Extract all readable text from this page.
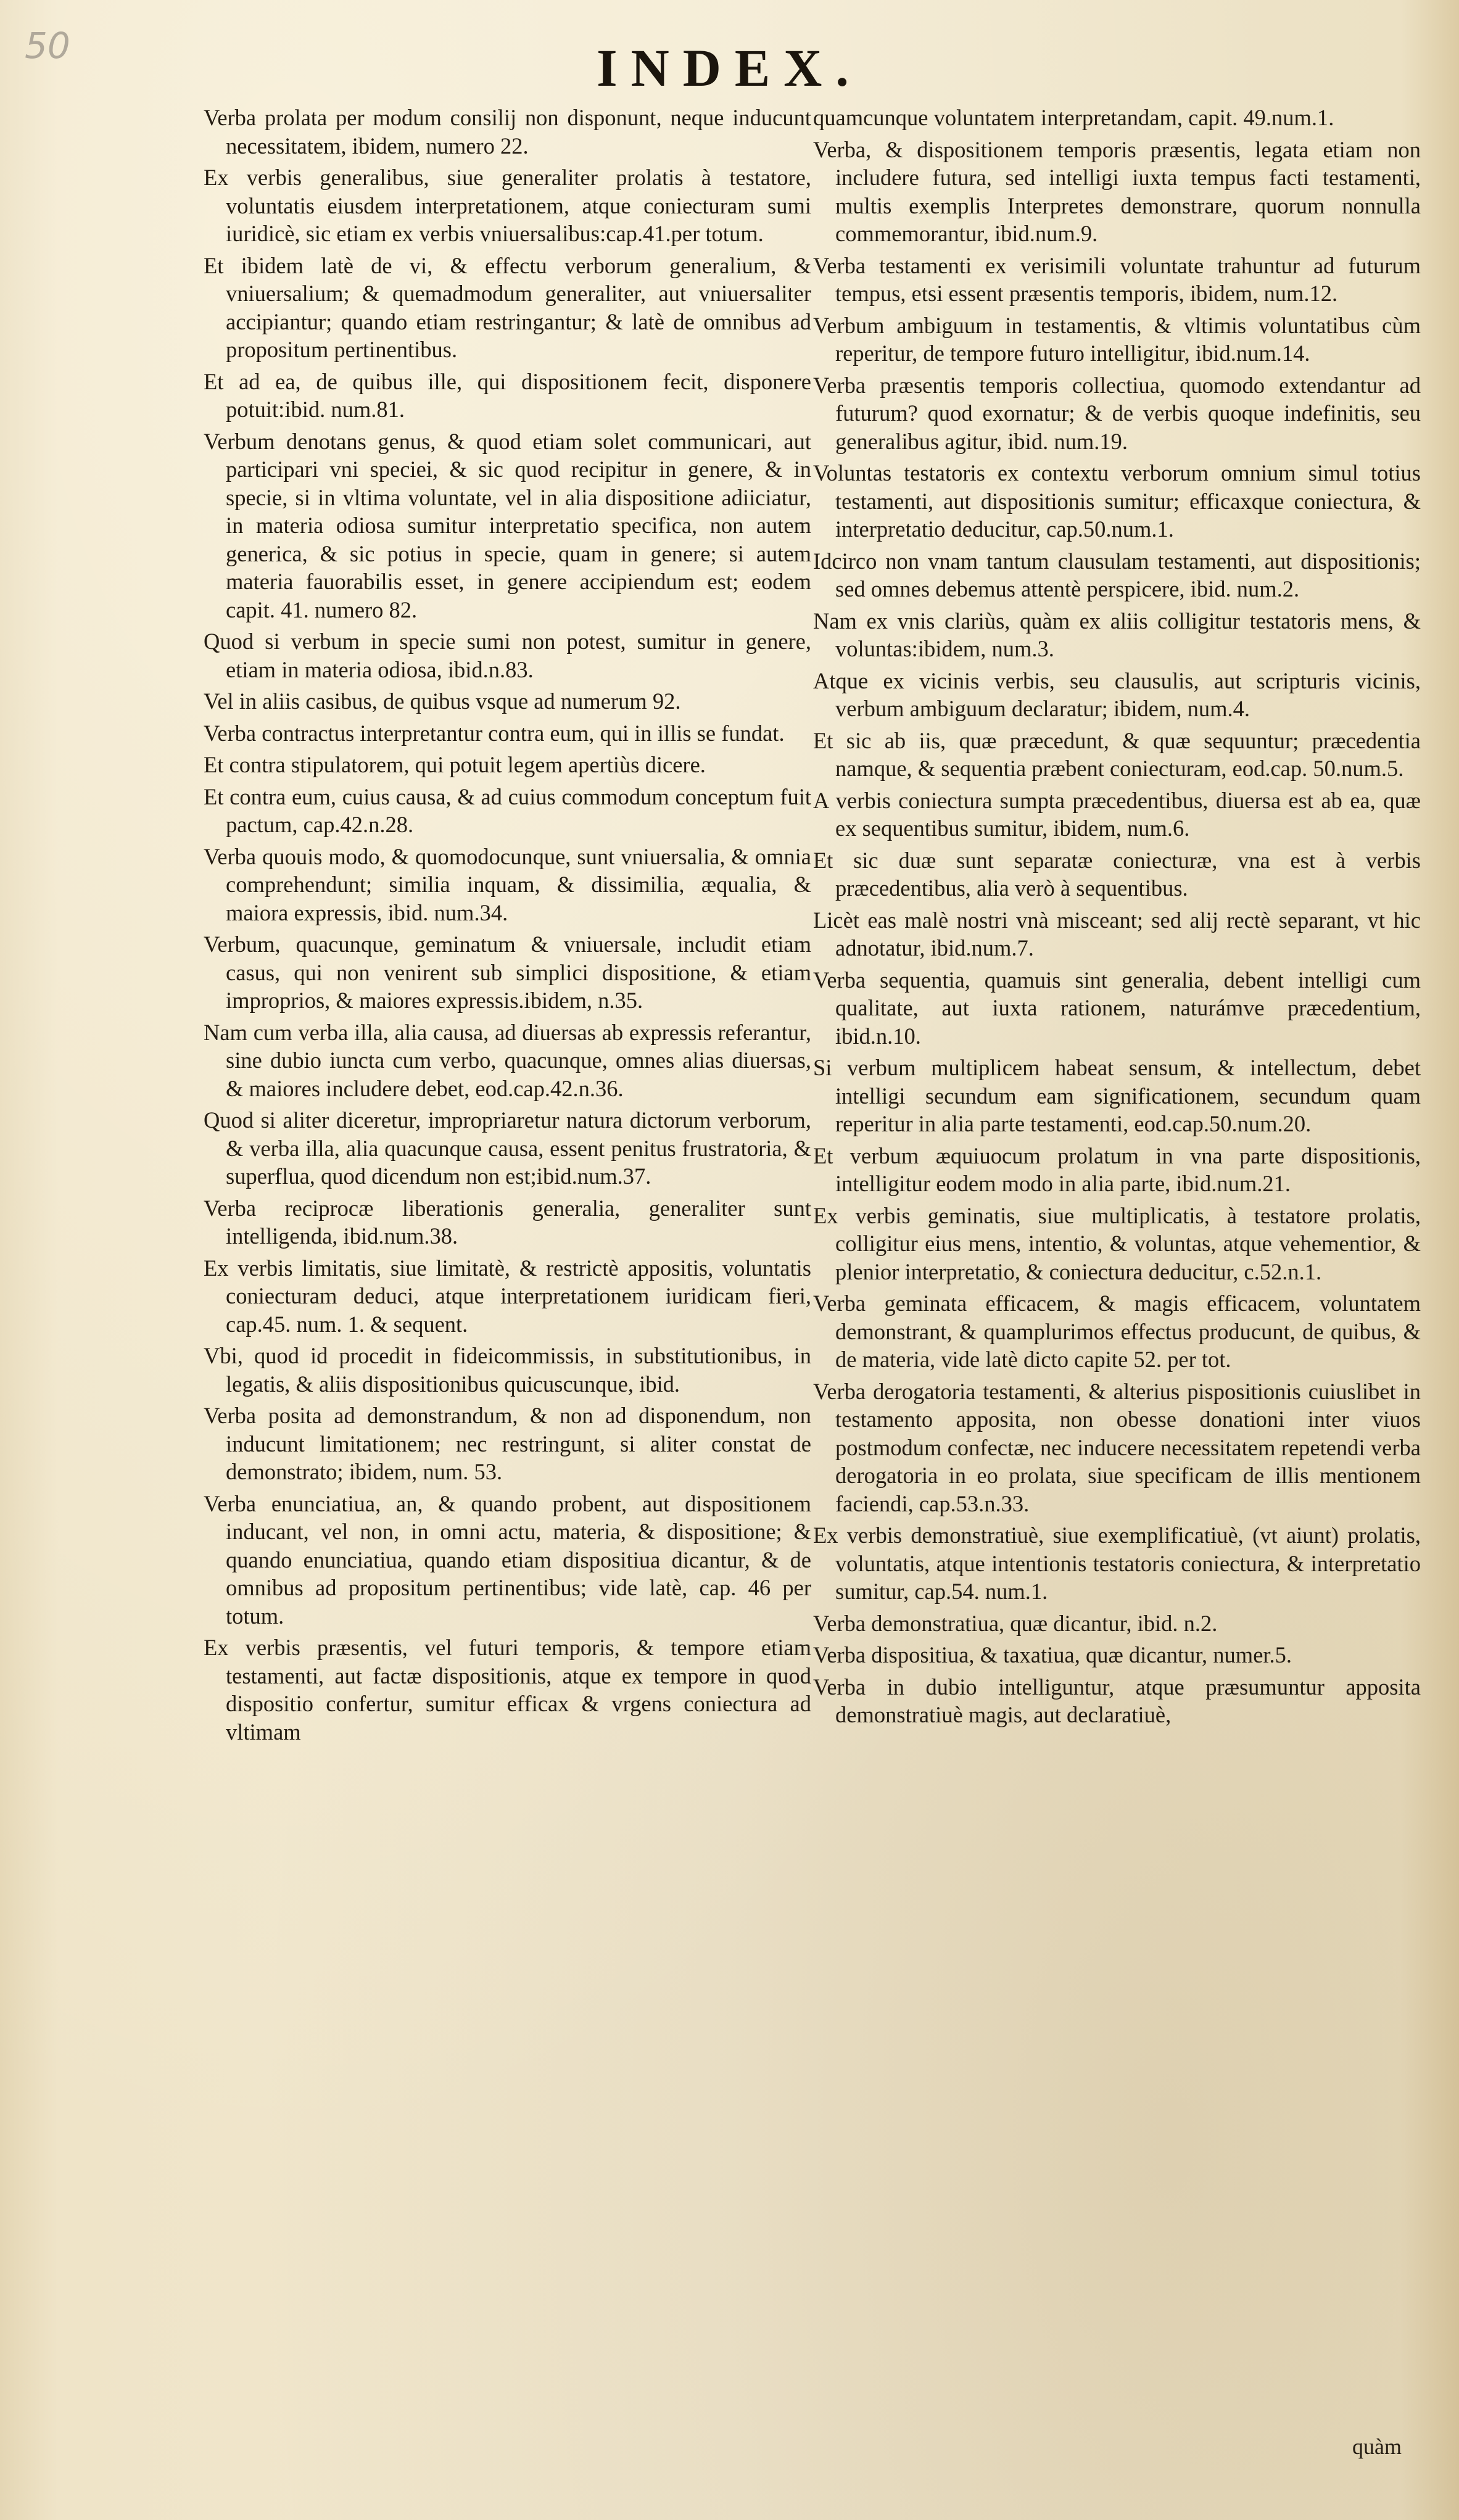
50	INDEX.

Verba prolata per modum consilij non disponunt, neque inducunt necessitatem, ibidem, numero 22.

Ex verbis generalibus, siue generaliter prolatis à testatore, voluntatis eiusdem interpretationem, atque coniecturam sumi iuridicè, sic etiam ex verbis vniuersalibus:cap.41.per totum.

Et ibidem latè de vi, & effectu verborum generalium, & vniuersalium; & quemadmodum generaliter, aut vniuersaliter accipiantur; quando etiam restringantur; & latè de omnibus ad propositum pertinentibus.

Et ad ea, de quibus ille, qui dispositionem fecit, disponere potuit:ibid. num.81.

Verbum denotans genus, & quod etiam solet communicari, aut participari vni speciei, & sic quod recipitur in genere, & in specie, si in vltima voluntate, vel in alia dispositione adiiciatur, in materia odiosa sumitur interpretatio specifica, non autem generica, & sic potius in specie, quam in genere; si autem materia fauorabilis esset, in genere accipiendum est; eodem capit. 41. numero 82.

Quod si verbum in specie sumi non potest, sumitur in genere, etiam in materia odiosa, ibid.n.83.

Vel in aliis casibus, de quibus vsque ad numerum 92.

Verba contractus interpretantur contra eum, qui in illis se fundat.

Et contra stipulatorem, qui potuit legem apertiùs dicere.

Et contra eum, cuius causa, & ad cuius commodum conceptum fuit pactum, cap.42.n.28.

Verba quouis modo, & quomodocunque, sunt vniuersalia, & omnia comprehendunt; similia inquam, & dissimilia, æqualia, & maiora expressis, ibid. num.34.

Verbum, quacunque, geminatum & vniuersale, includit etiam casus, qui non venirent sub simplici dispositione, & etiam improprios, & maiores expressis.ibidem, n.35.

Nam cum verba illa, alia causa, ad diuersas ab expressis referantur, sine dubio iuncta cum verbo, quacunque, omnes alias diuersas, & maiores includere debet, eod.cap.42.n.36.

Quod si aliter diceretur, impropriaretur natura dictorum verborum, & verba illa, alia quacunque causa, essent penitus frustratoria, & superflua, quod dicendum non est;ibid.num.37.

Verba reciprocæ liberationis generalia, generaliter sunt intelligenda, ibid.num.38.

Ex verbis limitatis, siue limitatè, & restrictè appositis, voluntatis coniecturam deduci, atque interpretationem iuridicam fieri, cap.45. num. 1. & sequent.

Vbi, quod id procedit in fideicommissis, in substitutionibus, in legatis, & aliis dispositionibus quicuscunque, ibid.

Verba posita ad demonstrandum, & non ad disponendum, non inducunt limitationem; nec restringunt, si aliter constat de demonstrato; ibidem, num. 53.

Verba enunciatiua, an, & quando probent, aut dispositionem inducant, vel non, in omni actu, materia, & dispositione; & quando enunciatiua, quando etiam dispositiua dicantur, & de omnibus ad propositum pertinentibus; vide latè, cap. 46 per totum.

Ex verbis præsentis, vel futuri temporis, & tempore etiam testamenti, aut factæ dispositionis, atque ex tempore in quod dispositio confertur, sumitur efficax & vrgens coniectura ad vltimam

quamcunque voluntatem interpretandam, capit. 49.num.1.

Verba, & dispositionem temporis præsentis, legata etiam non includere futura, sed intelligi iuxta tempus facti testamenti, multis exemplis Interpretes demonstrare, quorum nonnulla commemorantur, ibid.num.9.

Verba testamenti ex verisimili voluntate trahuntur ad futurum tempus, etsi essent præsentis temporis, ibidem, num.12.

Verbum ambiguum in testamentis, & vltimis voluntatibus cùm reperitur, de tempore futuro intelligitur, ibid.num.14.

Verba præsentis temporis collectiua, quomodo extendantur ad futurum? quod exornatur; & de verbis quoque indefinitis, seu generalibus agitur, ibid. num.19.

Voluntas testatoris ex contextu verborum omnium simul totius testamenti, aut dispositionis sumitur; efficaxque coniectura, & interpretatio deducitur, cap.50.num.1.

Idcirco non vnam tantum clausulam testamenti, aut dispositionis; sed omnes debemus attentè perspicere, ibid. num.2.

Nam ex vnis clariùs, quàm ex aliis colligitur testatoris mens, & voluntas:ibidem, num.3.

Atque ex vicinis verbis, seu clausulis, aut scripturis vicinis, verbum ambiguum declaratur; ibidem, num.4.

Et sic ab iis, quæ præcedunt, & quæ sequuntur; præcedentia namque, & sequentia præbent coniecturam, eod.cap. 50.num.5.

A verbis coniectura sumpta præcedentibus, diuersa est ab ea, quæ ex sequentibus sumitur, ibidem, num.6.

Et sic duæ sunt separatæ coniecturæ, vna est à verbis præcedentibus, alia verò à sequentibus.

Licèt eas malè nostri vnà misceant; sed alij rectè separant, vt hic adnotatur, ibid.num.7.

Verba sequentia, quamuis sint generalia, debent intelligi cum qualitate, aut iuxta rationem, naturámve præcedentium, ibid.n.10.

Si verbum multiplicem habeat sensum, & intellectum, debet intelligi secundum eam significationem, secundum quam reperitur in alia parte testamenti, eod.cap.50.num.20.

Et verbum æquiuocum prolatum in vna parte dispositionis, intelligitur eodem modo in alia parte, ibid.num.21.

Ex verbis geminatis, siue multiplicatis, à testatore prolatis, colligitur eius mens, intentio, & voluntas, atque vehementior, & plenior interpretatio, & coniectura deducitur, c.52.n.1.

Verba geminata efficacem, & magis efficacem, voluntatem demonstrant, & quamplurimos effectus producunt, de quibus, & de materia, vide latè dicto capite 52. per tot.

Verba derogatoria testamenti, & alterius pispositionis cuiuslibet in testamento apposita, non obesse donationi inter viuos postmodum confectæ, nec inducere necessitatem repetendi verba derogatoria in eo prolata, siue specificam de illis mentionem faciendi, cap.53.n.33.

Ex verbis demonstratiuè, siue exemplificatiuè, (vt aiunt) prolatis, voluntatis, atque intentionis testatoris coniectura, & interpretatio sumitur, cap.54. num.1.

Verba demonstratiua, quæ dicantur, ibid. n.2.

Verba dispositiua, & taxatiua, quæ dicantur, numer.5.

Verba in dubio intelliguntur, atque præsumuntur apposita demonstratiuè magis, aut declaratiuè,

quàm
